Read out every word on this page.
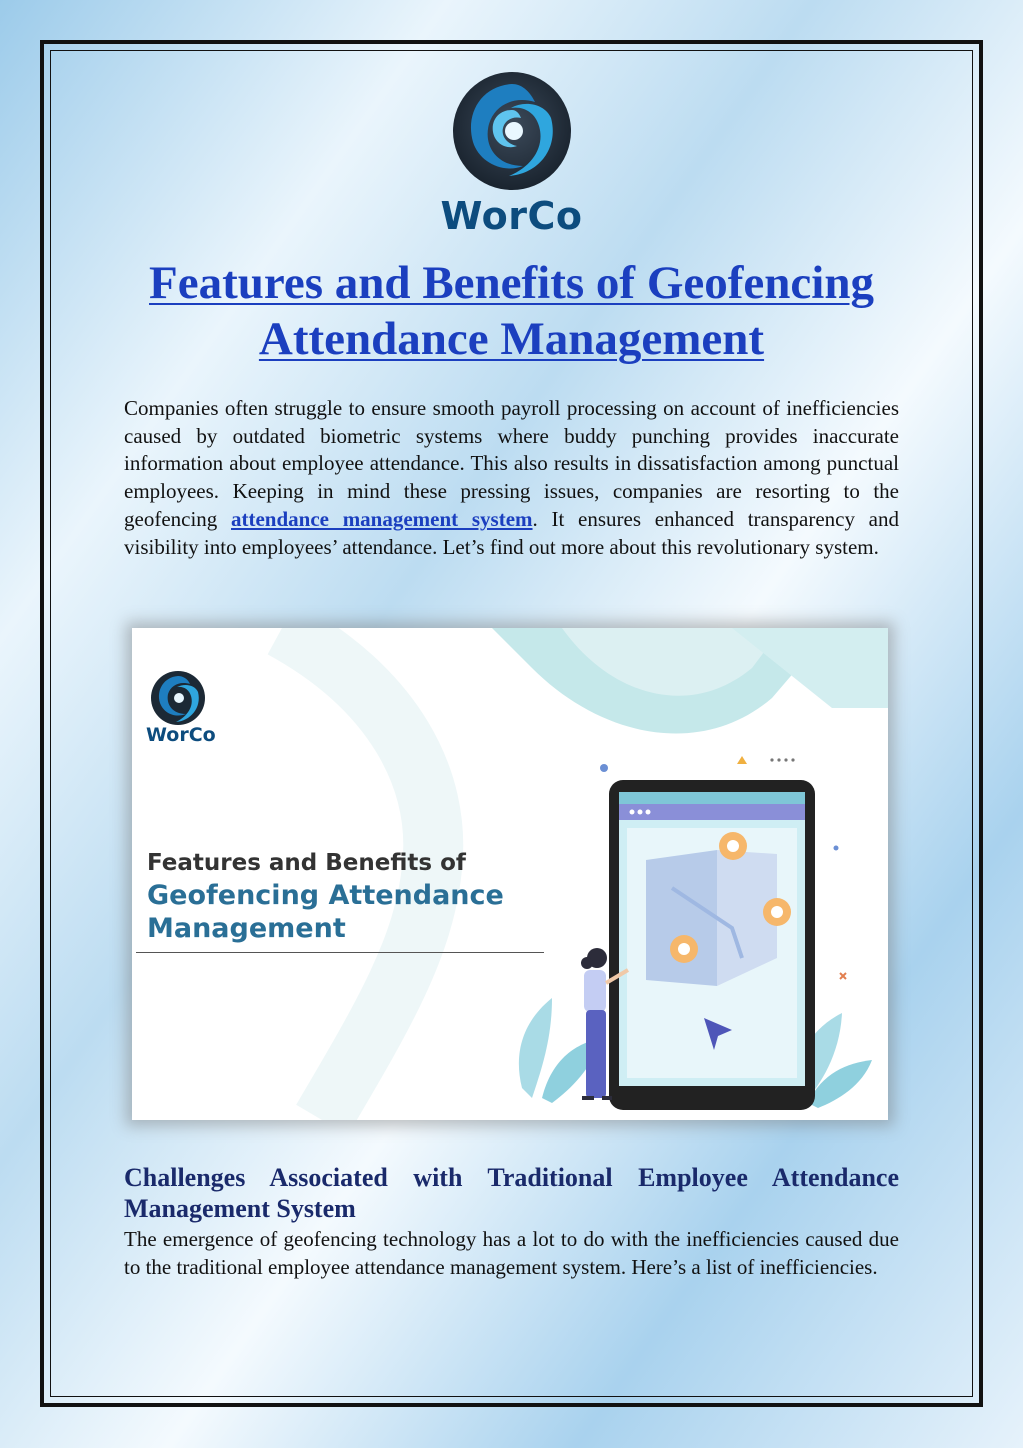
WorCo
Features and Benefits of Geofencing Attendance Management

Companies often struggle to ensure smooth payroll processing on account of inefficiencies caused by outdated biometric systems where buddy punching provides inaccurate information about employee attendance. This also results in dissatisfaction among punctual employees. Keeping in mind these pressing issues, companies are resorting to the geofencing attendance management system. It ensures enhanced transparency and visibility into employees’ attendance. Let’s find out more about this revolutionary system.

WorCo

Features and Benefits of

Geofencing Attendance

Management

Challenges Associated with Traditional Employee Attendance Management System

The emergence of geofencing technology has a lot to do with the inefficiencies caused due to the traditional employee attendance management system. Here’s a list of inefficiencies.
